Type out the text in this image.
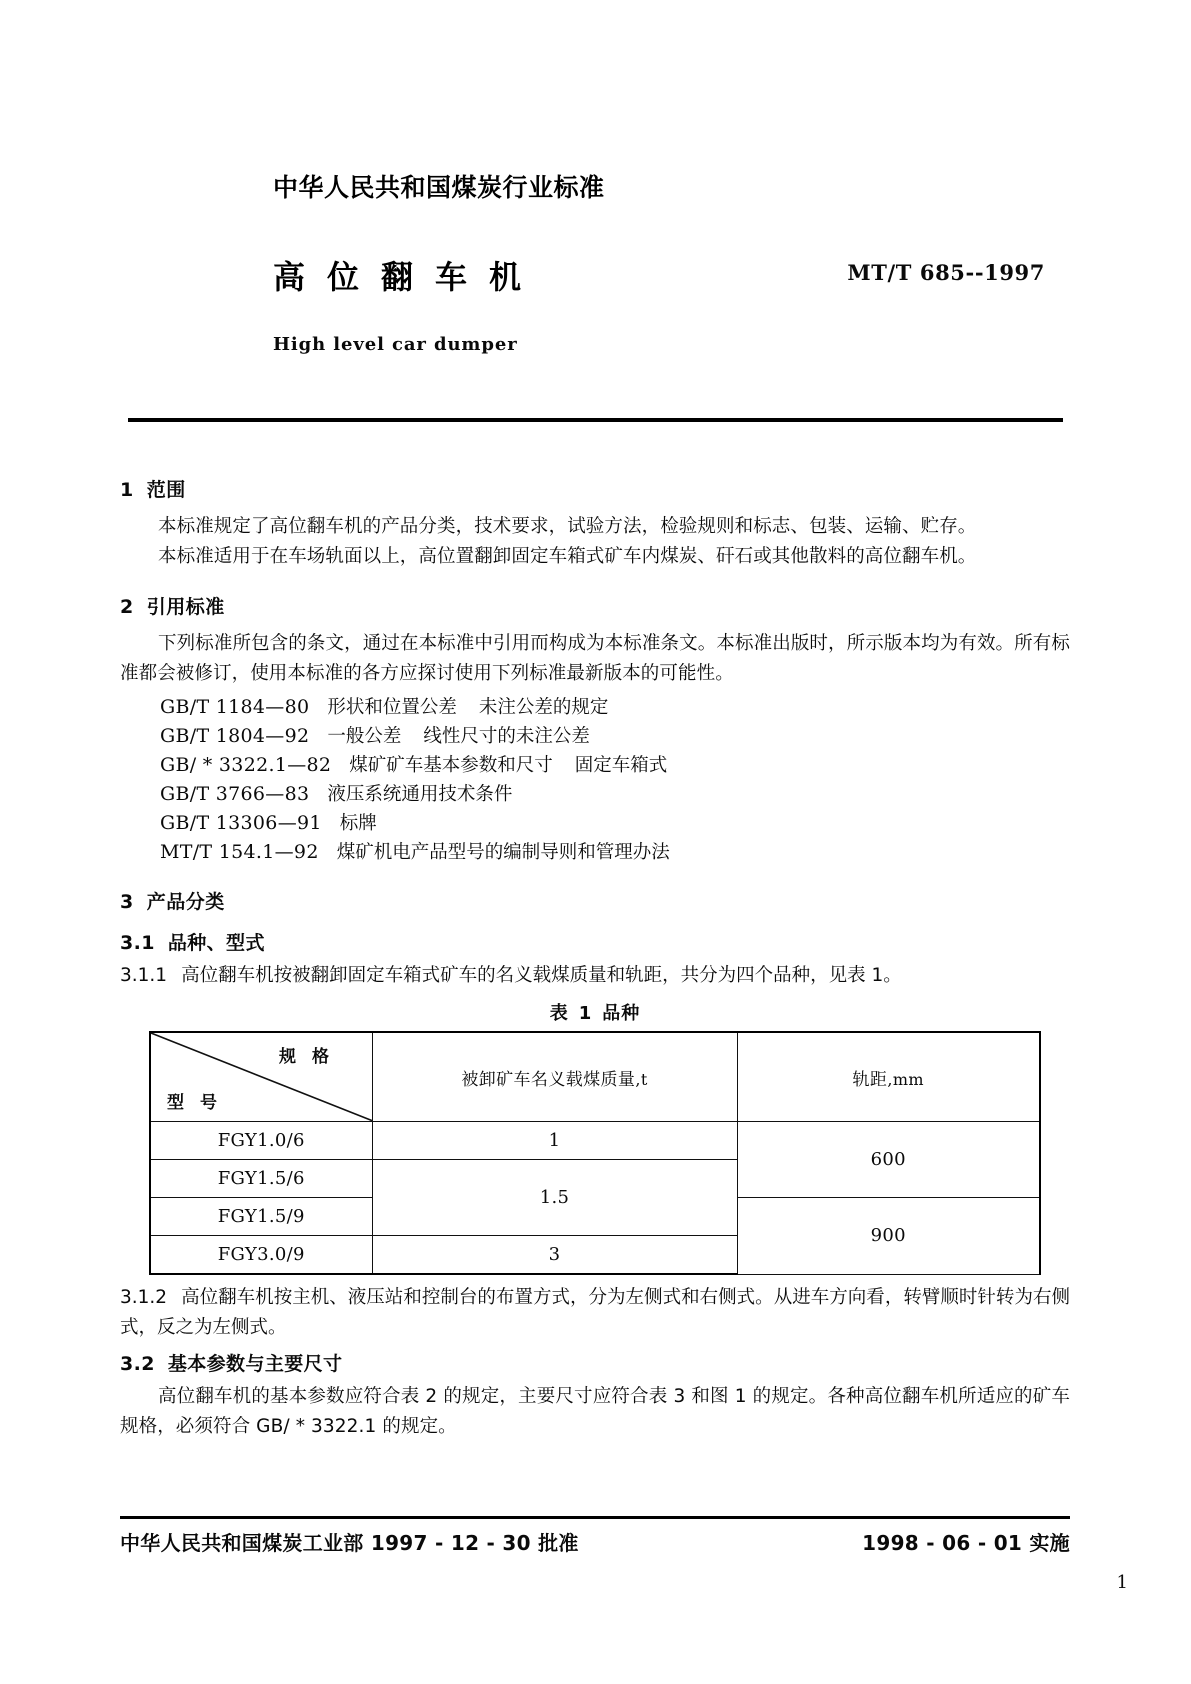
中华人民共和国煤炭行业标准
高位翻车机	MT/T 685--1997
High level car dumper
1 范围

本标准规定了高位翻车机的产品分类，技术要求，试验方法，检验规则和标志、包装、运输、贮存。

本标准适用于在车场轨面以上，高位置翻卸固定车箱式矿车内煤炭、矸石或其他散料的高位翻车机。

2 引用标准

下列标准所包含的条文，通过在本标准中引用而构成为本标准条文。本标准出版时，所示版本均为有效。所有标准都会被修订，使用本标准的各方应探讨使用下列标准最新版本的可能性。

GB/T 1184—80 形状和位置公差 未注公差的规定
GB/T 1804—92 一般公差 线性尺寸的未注公差
GB/ * 3322.1—82 煤矿矿车基本参数和尺寸 固定车箱式
GB/T 3766—83 液压系统通用技术条件
GB/T 13306—91 标牌
MT/T 154.1—92 煤矿机电产品型号的编制导则和管理办法
3 产品分类
3.1 品种、型式

3.1.1 高位翻车机按被翻卸固定车箱式矿车的名义载煤质量和轨距，共分为四个品种，见表 1。

表 1 品种
规格
型号	被卸矿车名义载煤质量,t	轨距,mm
FGY1.0/6	1	600
FGY1.5/6	1.5	
FGY1.5/9		900
FGY3.0/9	3	

3.1.2 高位翻车机按主机、液压站和控制台的布置方式，分为左侧式和右侧式。从进车方向看，转臂顺时针转为右侧式，反之为左侧式。

3.2 基本参数与主要尺寸

高位翻车机的基本参数应符合表 2 的规定，主要尺寸应符合表 3 和图 1 的规定。各种高位翻车机所适应的矿车规格，必须符合 GB/ * 3322.1 的规定。

中华人民共和国煤炭工业部 1997 - 12 - 30 批准	1998 - 06 - 01 实施
1
